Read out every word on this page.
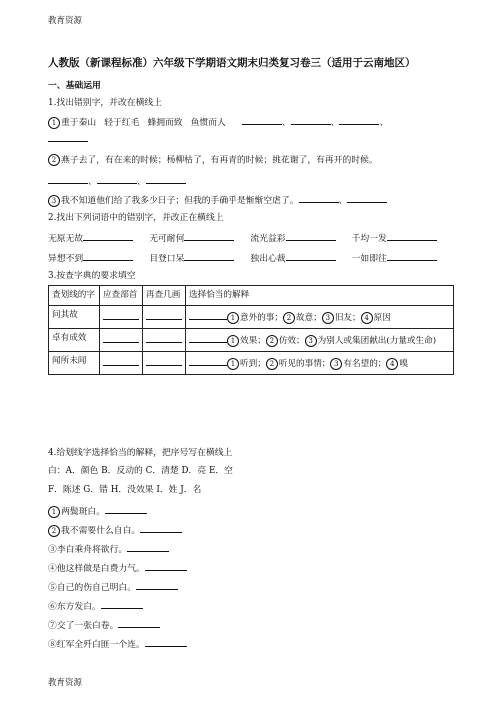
教育资源
人教版（新课程标准）六年级下学期语文期末归类复习卷三（适用于云南地区）
一、基础运用
1.找出错别字，并改在横线上
1 重于秦山 轻于红毛 蜂拥而致 鱼惯而人	、	、	、
2 燕子去了，有在来的时候；杨柳枯了，有再青的时候；挑花谢了，有再开的时候。
、	、
3 我不知道他们给了我多少日子；但我的手确乎是惭惭空虐了。	、
2.找出下列词语中的错别字，并改正在横线上
无原无故	无可耐何	流光益彩	千均一发
异想不到	目登口呆	独出心裁	一如即往
3.按查字典的要求填空
查划线的字	应查部首	再查几画	选择恰当的解释
问其故			1 意外的事； 2 故意； 3 旧友； 4 原因
卓有成效			1 效果； 2 仿效； 3 为别人或集团献出(力量或生命)
闻所未闻			1 听到； 2 听见的事情； 3 有名望的； 4 嗅
4.给划线字选择恰当的解释，把序号写在横线上
白：A．颜色 B．反动的 C．清楚 D．亮 E．空
F．陈述 G．错 H．没效果 I．姓 J．名
1 两鬓斑白。
2 我不需要什么自白。
③李白乘舟将欲行。
④他这样做是白费力气。
⑤自己的伤自己明白。
⑥东方发白。
⑦交了一张白卷。
⑧红军全歼白匪一个连。
教育资源
